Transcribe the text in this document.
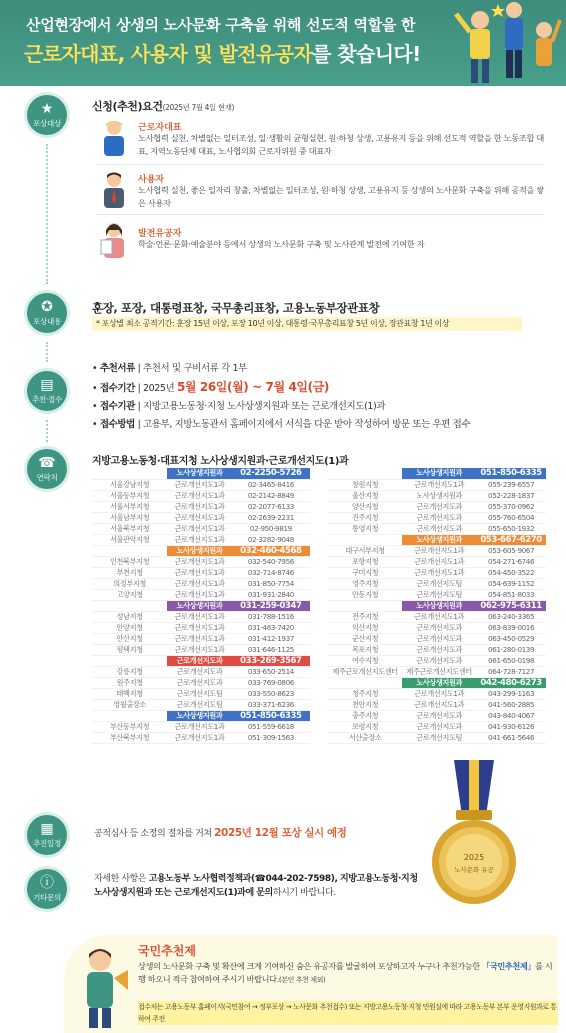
산업현장에서 상생의 노사문화 구축을 위해 선도적 역할을 한
근로자대표, 사용자 및 발전유공자를 찾습니다!
★
포상대상
신청(추천)요건(2025년 7월 4일 현재)
근로자대표
노사협력 실천, 차별없는 일터조성, 일·생활의 균형실현, 원·하청 상생, 고용유지 등을 위해 선도적 역할을 한 노동조합 대표, 지역노동단체 대표, 노사협의회 근로자위원 중 대표자
사용자
노사협력 실천, 좋은 일자리 창출, 차별없는 일터조성, 원·하청 상생, 고용유지 등 상생의 노사문화 구축을 위해 공적을 쌓은 사용자
발전유공자
학술·언론·문화·예술분야 등에서 상생의 노사문화 구축 및 노사관계 발전에 기여한 자
✪
포상내용
훈장, 포장, 대통령표창, 국무총리표창, 고용노동부장관표창
* 포상별 최소 공적기간: 훈장 15년 이상, 포장 10년 이상, 대통령·국무총리표창 5년 이상, 장관표창 1년 이상
▤
추천·접수
• 추천서류 | 추천서 및 구비서류 각 1부
• 접수기간 | 2025년 5월 26일(월) ~ 7월 4일(금)
• 접수기관 | 지방고용노동청·지청 노사상생지원과 또는 근로개선지도(1)과
• 접수방법 | 고용부, 지방노동관서 홈페이지에서 서식을 다운 받아 작성하여 방문 또는 우편 접수
☎
연락처
지방고용노동청·대표지청 노사상생지원과·근로개선지도(1)과
서울지방고용노동청	노사상생지원과	02-2250-5726
서울강남지청	근로개선지도1과	02-3465-8416
서울동부지청	근로개선지도1과	02-2142-8849
서울서부지청	근로개선지도1과	02-2077-6133
서울남부지청	근로개선지도1과	02-2639-2231
서울북부지청	근로개선지도1과	02-950-9819
서울관악지청	근로개선지도1과	02-3282-9048
중부지방고용노동청	노사상생지원과	032-460-4568
인천북부지청	근로개선지도1과	032-540-7956
부천지청	근로개선지도1과	032-714-8746
의정부지청	근로개선지도1과	031-850-7754
고양지청	근로개선지도1과	031-931-2840
경기지청(대표지청)	노사상생지원과	031-259-0347
성남지청	근로개선지도1과	031-788-1516
안양지청	근로개선지도1과	031-463-7420
안산지청	근로개선지도1과	031-412-1937
평택지청	근로개선지도1과	031-646-1125
강원지청(대표지청)	근로개선지도과	033-269-3567
강릉지청	근로개선지도과	033-650-2514
원주지청	근로개선지도과	033-769-0806
태백지청	근로개선지도팀	033-550-8623
영월출장소	근로개선지도팀	033-371-6236
부산지방고용노동청	노사상생지원과	051-850-6335
부산동부지청	근로개선지도1과	051-559-6618
부산북부지청	근로개선지도1과	051-309-1563
부산지방고용노동청	노사상생지원과	051-850-6335
창원지청	근로개선지도1과	055-239-6557
울산지청	노사상생지원과	052-228-1837
양산지청	근로개선지도과	055-370-0962
진주지청	근로개선지도과	055-760-6504
통영지청	근로개선지도과	055-650-1932
대구지방고용노동청	노사상생지원과	053-667-6270
대구서부지청	근로개선지도1과	053-605-9067
포항지청	근로개선지도1과	054-271-6746
구미지청	근로개선지도1과	054-450-3522
영주지청	근로개선지도팀	054-639-1152
안동지청	근로개선지도팀	054-851-8033
광주지방고용노동청	노사상생지원과	062-975-6311
전주지청	근로개선지도1과	063-240-3365
익산지청	근로개선지도과	063-839-0016
군산지청	근로개선지도과	063-450-0529
목포지청	근로개선지도과	061-280-0139
여수지청	근로개선지도과	061-650-0198
제주근로개선지도센터	제주근로개선지도센터	064-728-7127
대전지방고용노동청	노사상생지원과	042-480-6273
청주지청	근로개선지도1과	043-299-1163
천안지청	근로개선지도1과	041-560-2885
충주지청	근로개선지도과	043-840-4067
보령지청	근로개선지도과	041-930-6126
서산출장소	근로개선지도팀	041-661-5646
▦
추진일정
공적심사 등 소정의 절차를 거쳐 2025년 12월 포상 실시 예정
ⓘ
기타문의
자세한 사항은 고용노동부 노사협력정책과(☎044-202-7598), 지방고용노동청·지청 노사상생지원과 또는 근로개선지도(1)과에 문의하시기 바랍니다.
2025
노사문화 유공
국민추천제
상생의 노사문화 구축 및 확산에 크게 기여하신 숨은 유공자를 발굴하여 포상하고자 누구나 추천가능한 「국민추천제」를 시행 하오니 적극 참여하여 주시기 바랍니다.(본인 추천 제외)
접수처는 고용노동부 홈페이지(국민참여 → 정부포상 → 노사문화 추천접수) 또는 지방고용노동청·지청 민원실에 따라 고용노동부 본부 운영지원과로 통하여 주전
